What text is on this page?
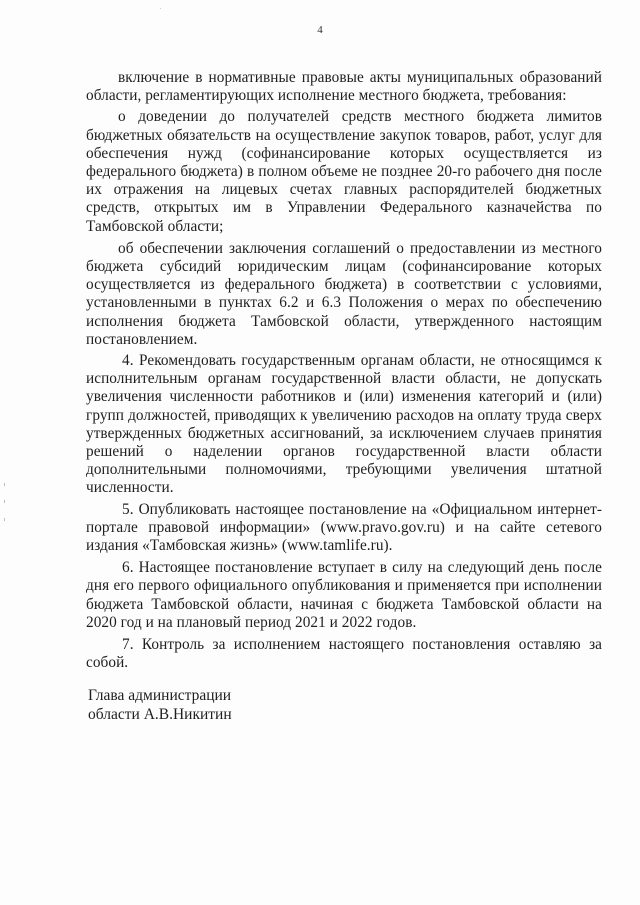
4

включение в нормативные правовые акты муниципальных образований области, регламентирующих исполнение местного бюджета, требования:

о доведении до получателей средств местного бюджета лимитов бюджетных обязательств на осуществление закупок товаров, работ, услуг для обеспечения нужд (софинансирование которых осуществляется из федерального бюджета) в полном объеме не позднее 20-го рабочего дня после их отражения на лицевых счетах главных распорядителей бюджетных средств, открытых им в Управлении Федерального казначейства по Тамбовской области;

об обеспечении заключения соглашений о предоставлении из местного бюджета субсидий юридическим лицам (софинансирование которых осуществляется из федерального бюджета) в соответствии с условиями, установленными в пунктах 6.2 и 6.3 Положения о мерах по обеспечению исполнения бюджета Тамбовской области, утвержденного настоящим постановлением.

4. Рекомендовать государственным органам области, не относящимся к исполнительным органам государственной власти области, не допускать увеличения численности работников и (или) изменения категорий и (или) групп должностей, приводящих к увеличению расходов на оплату труда сверх утвержденных бюджетных ассигнований, за исключением случаев принятия решений о наделении органов государственной власти области дополнительными полномочиями, требующими увеличения штатной численности.

5. Опубликовать настоящее постановление на «Официальном интернет-портале правовой информации» (www.pravo.gov.ru) и на сайте сетевого издания «Тамбовская жизнь» (www.tamlife.ru).

6. Настоящее постановление вступает в силу на следующий день после дня его первого официального опубликования и применяется при исполнении бюджета Тамбовской области, начиная с бюджета Тамбовской области на 2020 год и на плановый период 2021 и 2022 годов.

7. Контроль за исполнением настоящего постановления оставляю за собой.

Глава администрации
области А.В.Никитин
